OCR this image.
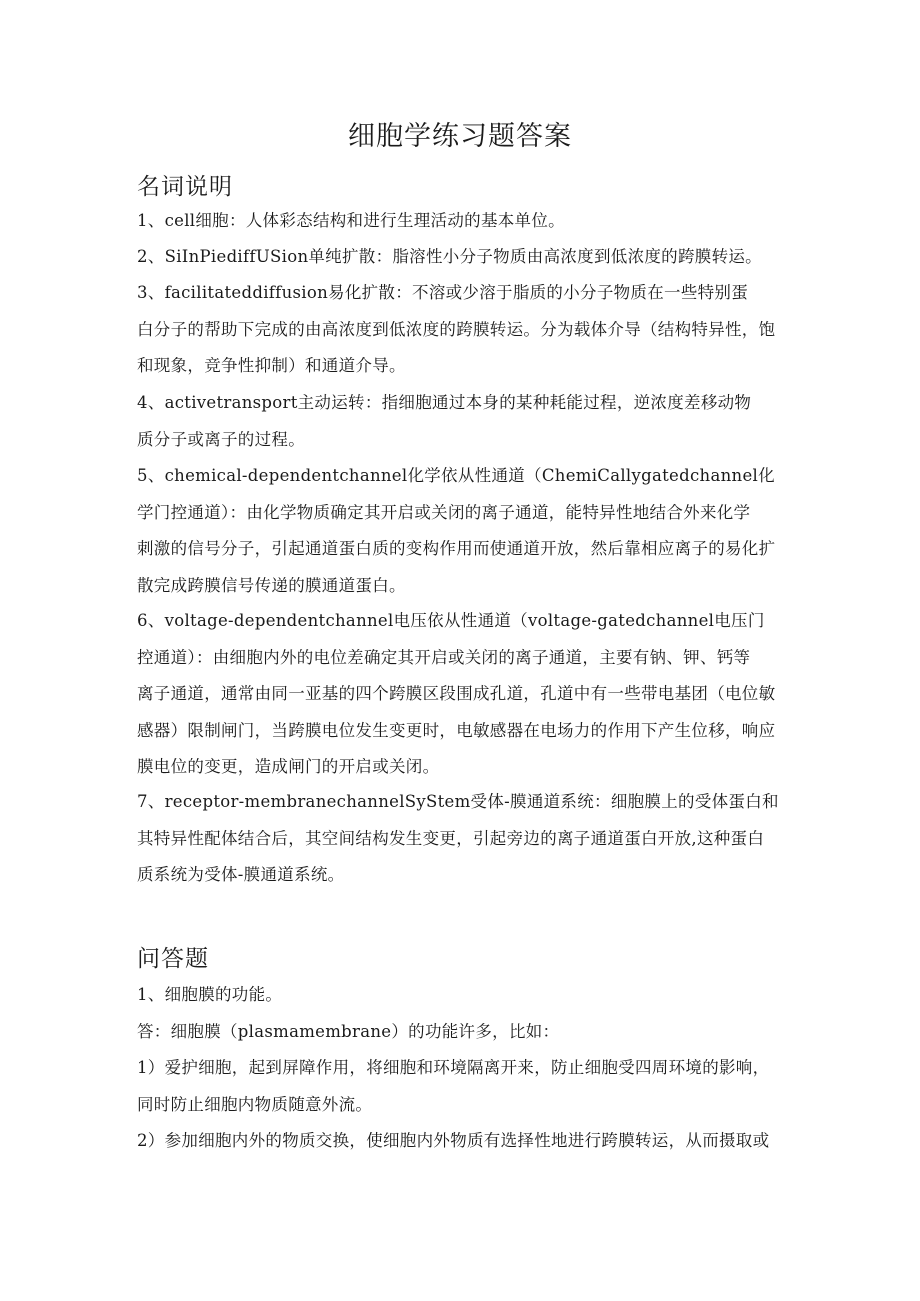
细胞学练习题答案
名词说明
1、cell细胞：人体彩态结构和进行生理活动的基本单位。
2、SiInPiediffUSion单纯扩散：脂溶性小分子物质由高浓度到低浓度的跨膜转运。
3、facilitateddiffusion易化扩散：不溶或少溶于脂质的小分子物质在一些特别蛋
白分子的帮助下完成的由高浓度到低浓度的跨膜转运。分为载体介导（结构特异性，饱
和现象，竞争性抑制）和通道介导。
4、activetransport主动运转：指细胞通过本身的某种耗能过程，逆浓度差移动物
质分子或离子的过程。
5、chemical-dependentchannel化学依从性通道（ChemiCallygatedchannel化
学门控通道）：由化学物质确定其开启或关闭的离子通道，能特异性地结合外来化学
刺激的信号分子，引起通道蛋白质的变构作用而使通道开放，然后靠相应离子的易化扩
散完成跨膜信号传递的膜通道蛋白。
6、voltage-dependentchannel电压依从性通道（voltage-gatedchannel电压门
控通道）：由细胞内外的电位差确定其开启或关闭的离子通道，主要有钠、钾、钙等
离子通道，通常由同一亚基的四个跨膜区段围成孔道，孔道中有一些带电基团（电位敏
感器）限制闸门，当跨膜电位发生变更时，电敏感器在电场力的作用下产生位移，响应
膜电位的变更，造成闸门的开启或关闭。
7、receptor-membranechannelSyStem受体-膜通道系统：细胞膜上的受体蛋白和
其特异性配体结合后，其空间结构发生变更，引起旁边的离子通道蛋白开放,这种蛋白
质系统为受体-膜通道系统。
问答题
1、细胞膜的功能。
答：细胞膜（plasmamembrane）的功能许多，比如：
1）爱护细胞，起到屏障作用，将细胞和环境隔离开来，防止细胞受四周环境的影响，
同时防止细胞内物质随意外流。
2）参加细胞内外的物质交换，使细胞内外物质有选择性地进行跨膜转运，从而摄取或
